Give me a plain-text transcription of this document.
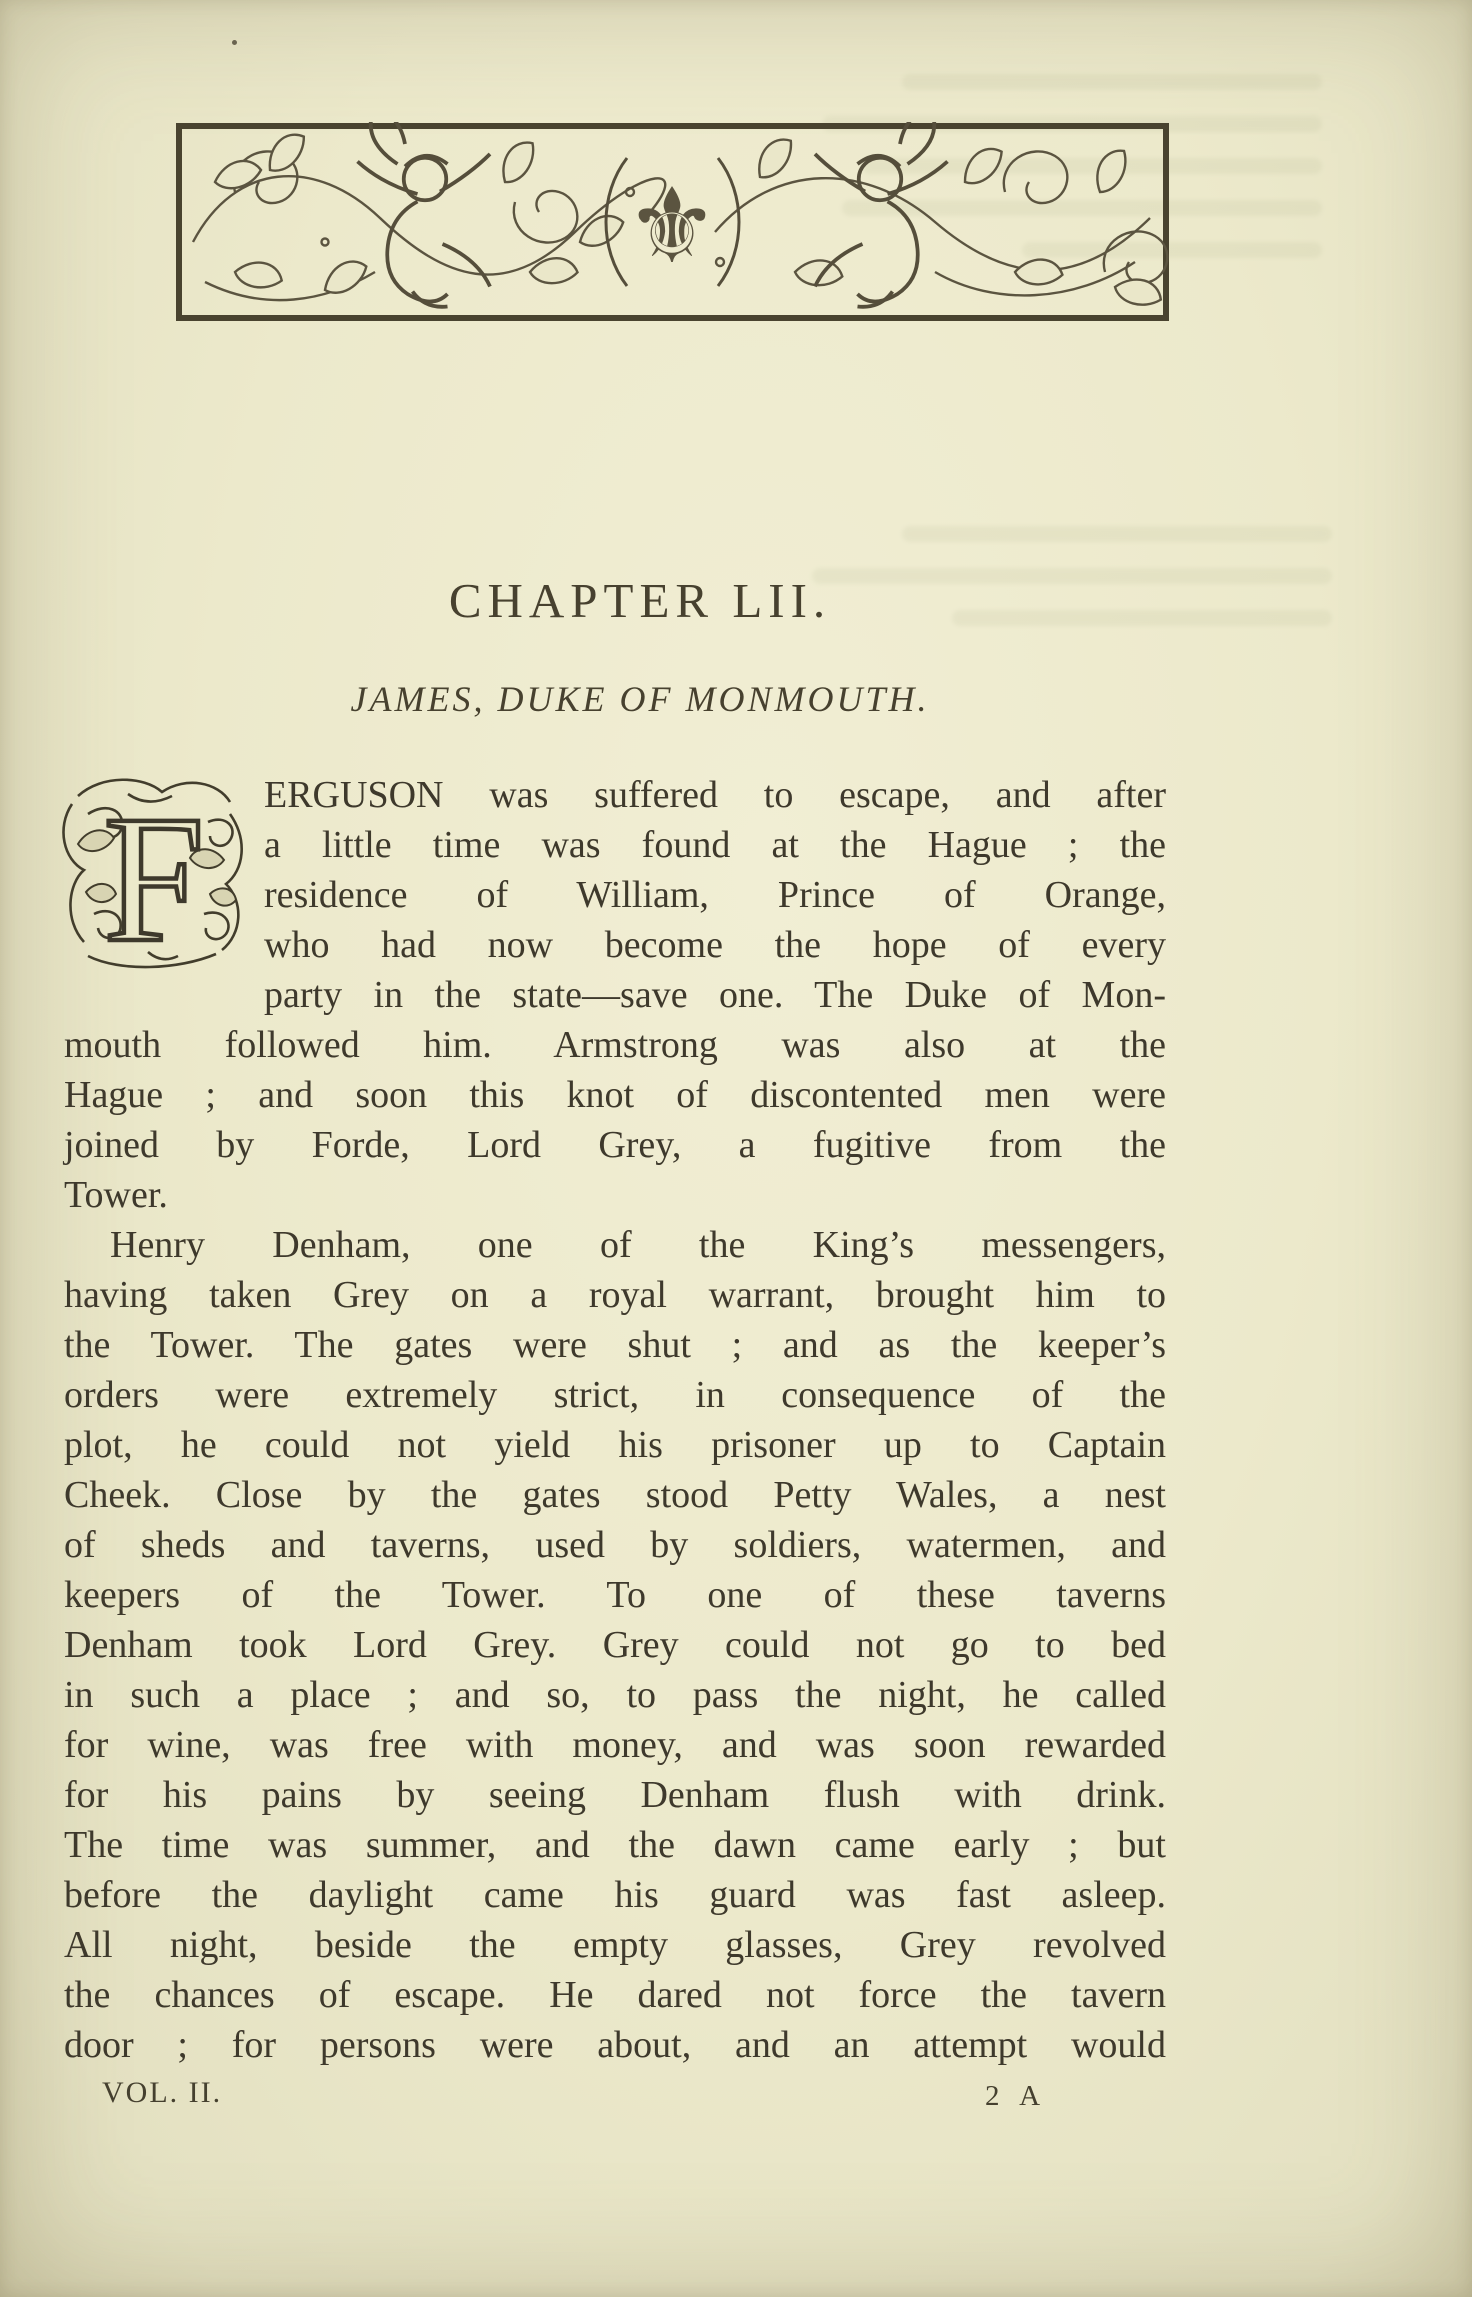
⚜
CHAPTER LII.
JAMES, DUKE OF MONMOUTH.
F	ERGUSON was suffered to escape, and after
a little time was found at the Hague ; the
residence of William, Prince of Orange,
who had now become the hope of every
party in the state—save one. The Duke of Mon-
mouth followed him. Armstrong was also at the
Hague ; and soon this knot of discontented men were
joined by Forde, Lord Grey, a fugitive from the
Tower.
Henry Denham, one of the King’s messengers,
having taken Grey on a royal warrant, brought him to
the Tower. The gates were shut ; and as the keeper’s
orders were extremely strict, in consequence of the
plot, he could not yield his prisoner up to Captain
Cheek. Close by the gates stood Petty Wales, a nest
of sheds and taverns, used by soldiers, watermen, and
keepers of the Tower. To one of these taverns
Denham took Lord Grey. Grey could not go to bed
in such a place ; and so, to pass the night, he called
for wine, was free with money, and was soon rewarded
for his pains by seeing Denham flush with drink.
The time was summer, and the dawn came early ; but
before the daylight came his guard was fast asleep.
All night, beside the empty glasses, Grey revolved
the chances of escape. He dared not force the tavern
door ; for persons were about, and an attempt would
VOL. II.	2 A
